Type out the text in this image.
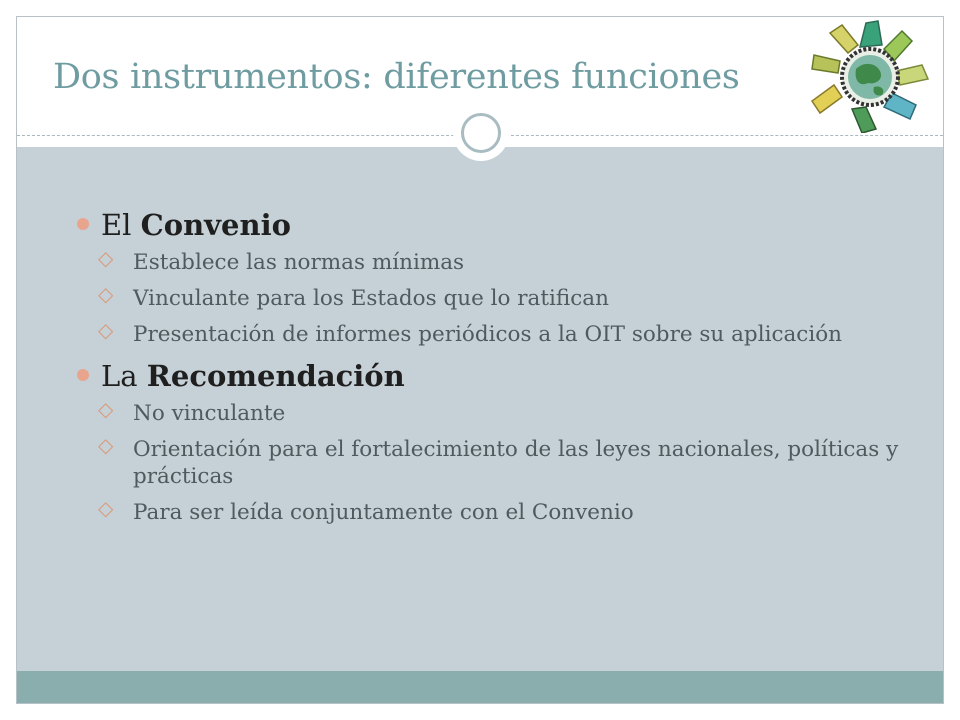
Dos instrumentos: diferentes funciones
El Convenio
◇ Establece las normas mínimas
◇ Vinculante para los Estados que lo ratifican
◇ Presentación de informes periódicos a la OIT sobre su aplicación
La Recomendación
◇ No vinculante
◇ Orientación para el fortalecimiento de las leyes nacionales, políticas y prácticas
◇ Para ser leída conjuntamente con el Convenio
